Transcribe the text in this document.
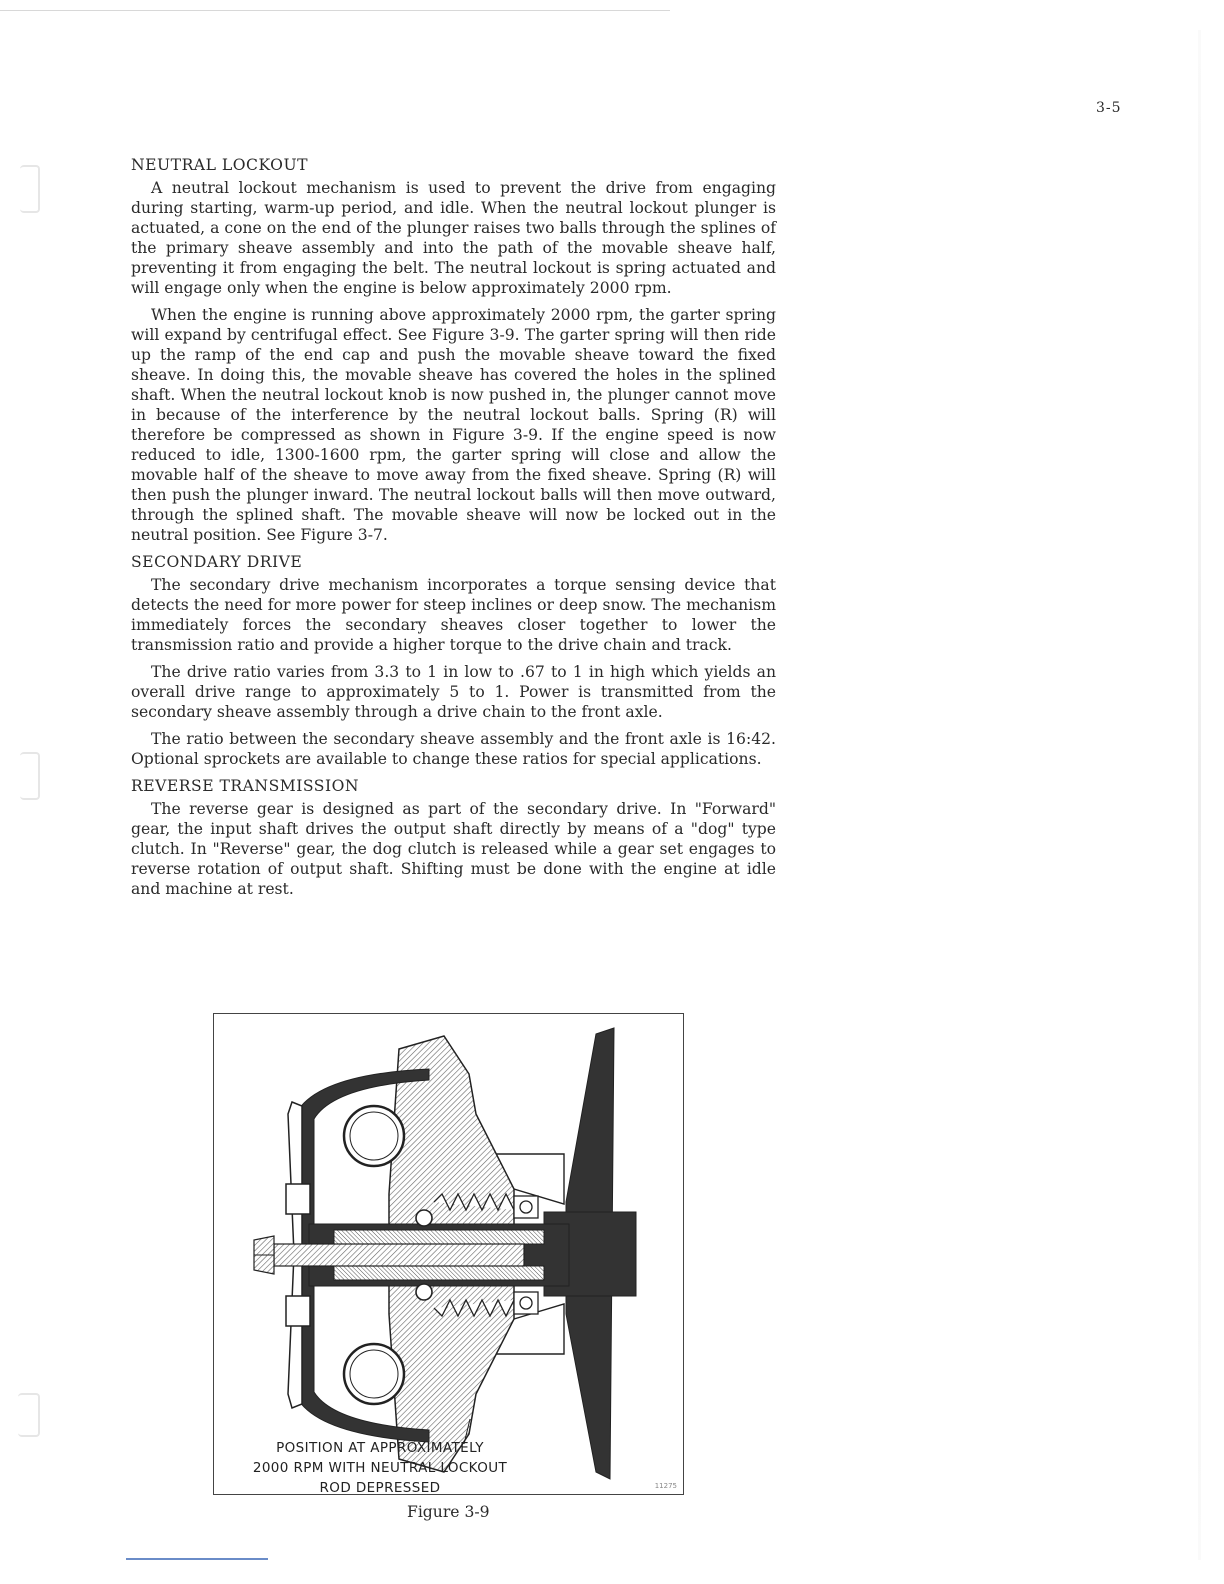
3-5
NEUTRAL LOCKOUT

A neutral lockout mechanism is used to prevent the drive from engaging during starting, warm-up period, and idle. When the neutral lockout plunger is actuated, a cone on the end of the plunger raises two balls through the splines of the primary sheave assembly and into the path of the movable sheave half, preventing it from engaging the belt. The neutral lockout is spring actuated and will engage only when the engine is below approximately 2000 rpm.

When the engine is running above approximately 2000 rpm, the garter spring will expand by centrifugal effect. See Figure 3-9. The garter spring will then ride up the ramp of the end cap and push the movable sheave toward the fixed sheave. In doing this, the movable sheave has covered the holes in the splined shaft. When the neutral lockout knob is now pushed in, the plunger cannot move in because of the interference by the neutral lockout balls. Spring (R) will therefore be compressed as shown in Figure 3-9. If the engine speed is now reduced to idle, 1300-1600 rpm, the garter spring will close and allow the movable half of the sheave to move away from the fixed sheave. Spring (R) will then push the plunger inward. The neutral lockout balls will then move outward, through the splined shaft. The movable sheave will now be locked out in the neutral position. See Figure 3-7.

SECONDARY DRIVE

The secondary drive mechanism incorporates a torque sensing device that detects the need for more power for steep inclines or deep snow. The mechanism immediately forces the secondary sheaves closer together to lower the transmission ratio and provide a higher torque to the drive chain and track.

The drive ratio varies from 3.3 to 1 in low to .67 to 1 in high which yields an overall drive range to approximately 5 to 1. Power is transmitted from the secondary sheave assembly through a drive chain to the front axle.

The ratio between the secondary sheave assembly and the front axle is 16:42. Optional sprockets are available to change these ratios for special applications.

REVERSE TRANSMISSION

The reverse gear is designed as part of the secondary drive. In "Forward" gear, the input shaft drives the output shaft directly by means of a "dog" type clutch. In "Reverse" gear, the dog clutch is released while a gear set engages to reverse rotation of output shaft. Shifting must be done with the engine at idle and machine at rest.

POSITION AT APPROXIMATELY
2000 RPM WITH NEUTRAL LOCKOUT
ROD DEPRESSED	11275
Figure 3-9
